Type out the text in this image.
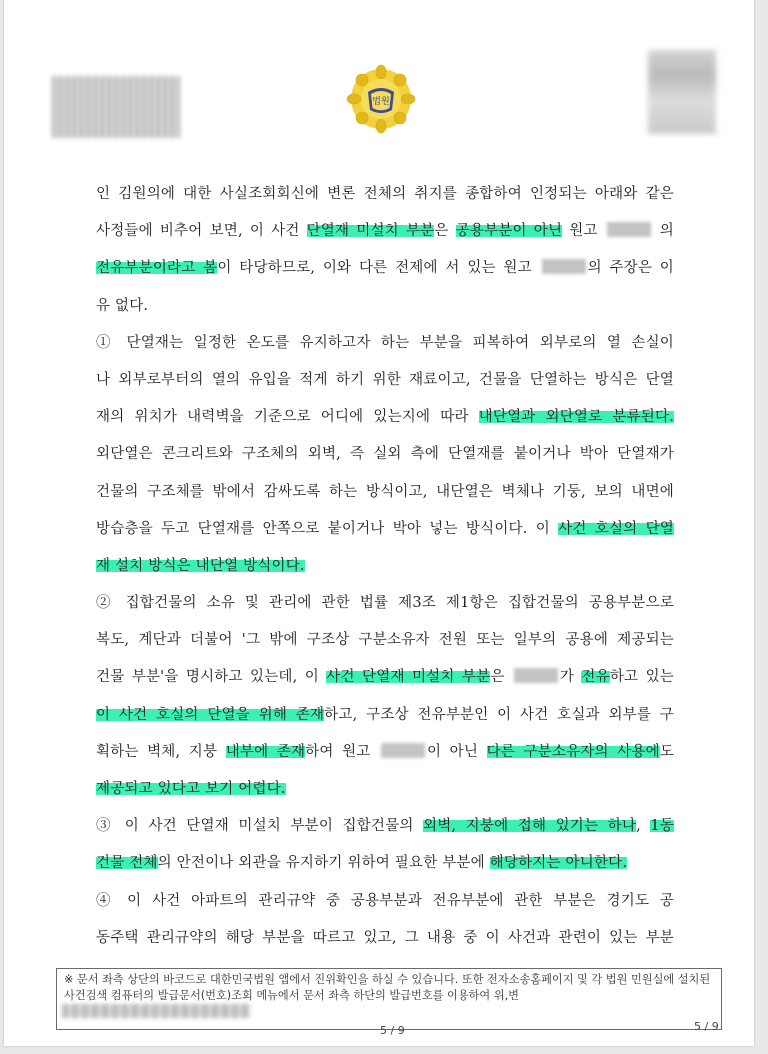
법원
인 김원의에 대한 사실조회회신에 변론 전체의 취지를 종합하여 인정되는 아래와 같은
사정들에 비추어 보면, 이 사건 단열재 미설치 부분은 공용부분이 아닌 원고	의
전유부분이라고 봄이 타당하므로, 이와 다른 전제에 서 있는 원고	의 주장은 이
유 없다.
① 단열재는 일정한 온도를 유지하고자 하는 부분을 피복하여 외부로의 열 손실이
나 외부로부터의 열의 유입을 적게 하기 위한 재료이고, 건물을 단열하는 방식은 단열
재의 위치가 내력벽을 기준으로 어디에 있는지에 따라 내단열과 외단열로 분류된다.
외단열은 콘크리트와 구조체의 외벽, 즉 실외 측에 단열재를 붙이거나 박아 단열재가
건물의 구조체를 밖에서 감싸도록 하는 방식이고, 내단열은 벽체나 기둥, 보의 내면에
방습층을 두고 단열재를 안쪽으로 붙이거나 박아 넣는 방식이다. 이 사건 호실의 단열
재 설치 방식은 내단열 방식이다.
② 집합건물의 소유 및 관리에 관한 법률 제3조 제1항은 집합건물의 공용부분으로
복도, 계단과 더불어 '그 밖에 구조상 구분소유자 전원 또는 일부의 공용에 제공되는
건물 부분'을 명시하고 있는데, 이 사건 단열재 미설치 부분은	가 전유하고 있는
이 사건 호실의 단열을 위해 존재하고, 구조상 전유부분인 이 사건 호실과 외부를 구
획하는 벽체, 지붕 내부에 존재하여 원고	이 아닌 다른 구분소유자의 사용에도
제공되고 있다고 보기 어렵다.
③ 이 사건 단열재 미설치 부분이 집합건물의 외벽, 지붕에 접해 있기는 하나, 1동
건물 전체의 안전이나 외관을 유지하기 위하여 필요한 부분에 해당하지는 아니한다.
④ 이 사건 아파트의 관리규약 중 공용부분과 전유부분에 관한 부분은 경기도 공
동주택 관리규약의 해당 부분을 따르고 있고, 그 내용 중 이 사건과 관련이 있는 부분
※ 문서 좌측 상단의 바코드로 대한민국법원 앱에서 진위확인을 하실 수 있습니다. 또한 전자소송홈페이지 및 각 법원 민원실에 설치된 사건검색 컴퓨터의 발급문서(번호)조회 메뉴에서 문서 좌측 하단의 발급번호를 이용하여 위,변
5 / 9	5 / 9
